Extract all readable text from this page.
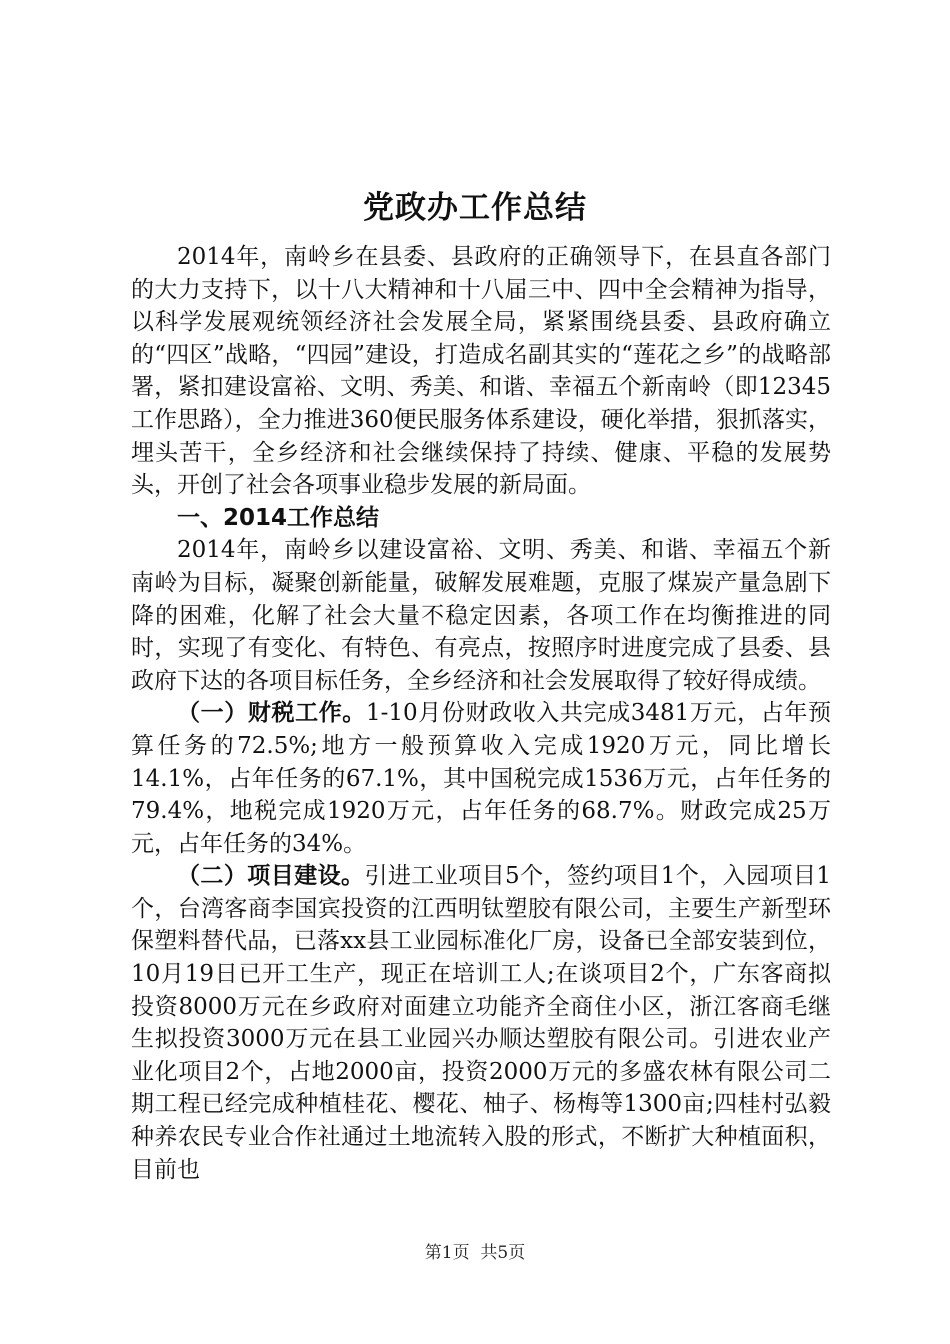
党政办工作总结

2014年，南岭乡在县委、县政府的正确领导下，在县直各部门的大力支持下，以十八大精神和十八届三中、四中全会精神为指导，以科学发展观统领经济社会发展全局，紧紧围绕县委、县政府确立的“四区”战略，“四园”建设，打造成名副其实的“莲花之乡”的战略部署，紧扣建设富裕、文明、秀美、和谐、幸福五个新南岭（即12345工作思路），全力推进360便民服务体系建设，硬化举措，狠抓落实，埋头苦干，全乡经济和社会继续保持了持续、健康、平稳的发展势头，开创了社会各项事业稳步发展的新局面。

一、2014工作总结

2014年，南岭乡以建设富裕、文明、秀美、和谐、幸福五个新南岭为目标，凝聚创新能量，破解发展难题，克服了煤炭产量急剧下降的困难，化解了社会大量不稳定因素，各项工作在均衡推进的同时，实现了有变化、有特色、有亮点，按照序时进度完成了县委、县政府下达的各项目标任务，全乡经济和社会发展取得了较好得成绩。

（一）财税工作。1-10月份财政收入共完成3481万元，占年预算任务的72.5%;地方一般预算收入完成1920万元，同比增长14.1%，占年任务的67.1%，其中国税完成1536万元，占年任务的79.4%，地税完成1920万元，占年任务的68.7%。财政完成25万元，占年任务的34%。

（二）项目建设。引进工业项目5个，签约项目1个，入园项目1个，台湾客商李国宾投资的江西明钛塑胶有限公司，主要生产新型环保塑料替代品，已落xx县工业园标准化厂房，设备已全部安装到位，10月19日已开工生产，现正在培训工人;在谈项目2个，广东客商拟投资8000万元在乡政府对面建立功能齐全商住小区，浙江客商毛继生拟投资3000万元在县工业园兴办顺达塑胶有限公司。引进农业产业化项目2个，占地2000亩，投资2000万元的多盛农林有限公司二期工程已经完成种植桂花、樱花、柚子、杨梅等1300亩;四桂村弘毅种养农民专业合作社通过土地流转入股的形式，不断扩大种植面积，目前也

第1页 共5页
